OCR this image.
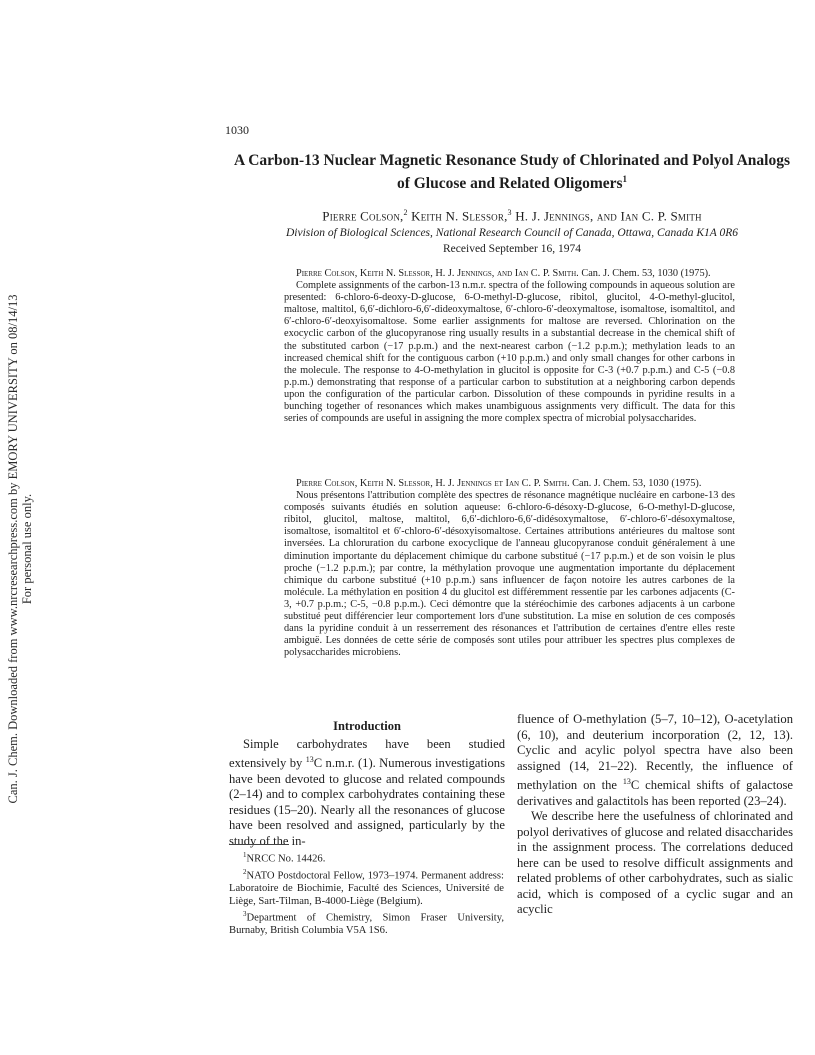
Can. J. Chem. Downloaded from www.nrcresearchpress.com by EMORY UNIVERSITY on 08/14/13 For personal use only.
1030
A Carbon-13 Nuclear Magnetic Resonance Study of Chlorinated and Polyol Analogs of Glucose and Related Oligomers$^1$
Pierre Colson,$^2$ Keith N. Slessor,$^3$ H. J. Jennings, and Ian C. P. Smith
Division of Biological Sciences, National Research Council of Canada, Ottawa, Canada K1A 0R6
Received September 16, 1974

Pierre Colson, Keith N. Slessor, H. J. Jennings, and Ian C. P. Smith. Can. J. Chem. 53, 1030 (1975).

Complete assignments of the carbon-13 n.m.r. spectra of the following compounds in aqueous solution are presented: 6-chloro-6-deoxy-D-glucose, 6-O-methyl-D-glucose, ribitol, glucitol, 4-O-methyl-glucitol, maltose, maltitol, 6,6′-dichloro-6,6′-dideoxymaltose, 6′-chloro-6′-deoxymaltose, isomaltose, isomaltitol, and 6′-chloro-6′-deoxyisomaltose. Some earlier assignments for maltose are reversed. Chlorination on the exocyclic carbon of the glucopyranose ring usually results in a substantial decrease in the chemical shift of the substituted carbon (−17 p.p.m.) and the next-nearest carbon (−1.2 p.p.m.); methylation leads to an increased chemical shift for the contiguous carbon (+10 p.p.m.) and only small changes for other carbons in the molecule. The response to 4-O-methylation in glucitol is opposite for C-3 (+0.7 p.p.m.) and C-5 (−0.8 p.p.m.) demonstrating that response of a particular carbon to substitution at a neighboring carbon depends upon the configuration of the particular carbon. Dissolution of these compounds in pyridine results in a bunching together of resonances which makes unambiguous assignments very difficult. The data for this series of compounds are useful in assigning the more complex spectra of microbial polysaccharides.

Pierre Colson, Keith N. Slessor, H. J. Jennings et Ian C. P. Smith. Can. J. Chem. 53, 1030 (1975).

Nous présentons l'attribution complète des spectres de résonance magnétique nucléaire en carbone-13 des composés suivants étudiés en solution aqueuse: 6-chloro-6-désoxy-D-glucose, 6-O-methyl-D-glucose, ribitol, glucitol, maltose, maltitol, 6,6′-dichloro-6,6′-didésoxymaltose, 6′-chloro-6′-désoxymaltose, isomaltose, isomaltitol et 6′-chloro-6′-désoxyisomaltose. Certaines attributions antérieures du maltose sont inversées. La chloruration du carbone exocyclique de l'anneau glucopyranose conduit généralement à une diminution importante du déplacement chimique du carbone substitué (−17 p.p.m.) et de son voisin le plus proche (−1.2 p.p.m.); par contre, la méthylation provoque une augmentation importante du déplacement chimique du carbone substitué (+10 p.p.m.) sans influencer de façon notoire les autres carbones de la molécule. La méthylation en position 4 du glucitol est différemment ressentie par les carbones adjacents (C-3, +0.7 p.p.m.; C-5, −0.8 p.p.m.). Ceci démontre que la stéréochimie des carbones adjacents à un carbone substitué peut différencier leur comportement lors d'une substitution. La mise en solution de ces composés dans la pyridine conduit à un resserrement des résonances et l'attribution de certaines d'entre elles reste ambiguë. Les données de cette série de composés sont utiles pour attribuer les spectres plus complexes de polysaccharides microbiens.

Introduction

Simple carbohydrates have been studied extensively by $^{13}$C n.m.r. (1). Numerous investigations have been devoted to glucose and related compounds (2–14) and to complex carbohydrates containing these residues (15–20). Nearly all the resonances of glucose have been resolved and assigned, particularly by the study of the in-

fluence of O-methylation (5–7, 10–12), O-acetylation (6, 10), and deuterium incorporation (2, 12, 13). Cyclic and acylic polyol spectra have also been assigned (14, 21–22). Recently, the influence of methylation on the $^{13}$C chemical shifts of galactose derivatives and galactitols has been reported (23–24).

We describe here the usefulness of chlorinated and polyol derivatives of glucose and related disaccharides in the assignment process. The correlations deduced here can be used to resolve difficult assignments and related problems of other carbohydrates, such as sialic acid, which is composed of a cyclic sugar and an acyclic

$^1$NRCC No. 14426.

$^2$NATO Postdoctoral Fellow, 1973–1974. Permanent address: Laboratoire de Biochimie, Faculté des Sciences, Université de Liège, Sart-Tilman, B-4000-Liège (Belgium).

$^3$Department of Chemistry, Simon Fraser University, Burnaby, British Columbia V5A 1S6.
